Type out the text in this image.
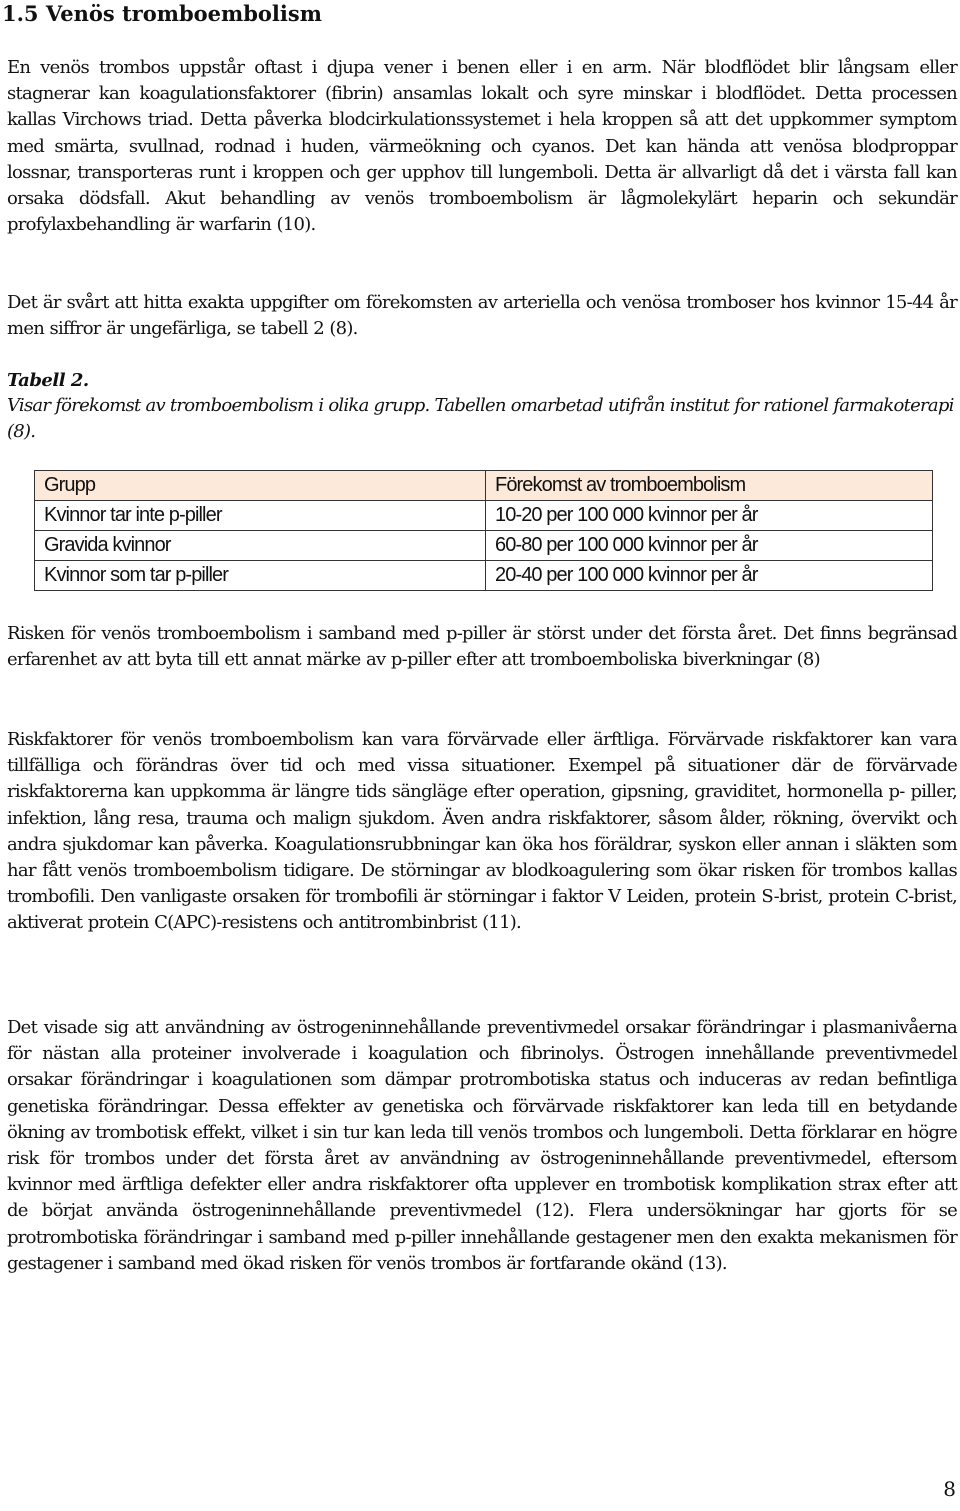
1.5 Venös tromboembolism

En venös trombos uppstår oftast i djupa vener i benen eller i en arm. När blodflödet blir långsam eller stagnerar kan koagulationsfaktorer (fibrin) ansamlas lokalt och syre minskar i blodflödet. Detta processen kallas Virchows triad. Detta påverka blodcirkulationssystemet i hela kroppen så att det uppkommer symptom med smärta, svullnad, rodnad i huden, värmeökning och cyanos. Det kan hända att venösa blodproppar lossnar, transporteras runt i kroppen och ger upphov till lungemboli. Detta är allvarligt då det i värsta fall kan orsaka dödsfall. Akut behandling av venös tromboembolism är lågmolekylärt heparin och sekundär profylaxbehandling är warfarin (10).

Det är svårt att hitta exakta uppgifter om förekomsten av arteriella och venösa tromboser hos kvinnor 15-44 år men siffror är ungefärliga, se tabell 2 (8).

Tabell 2.

Visar förekomst av tromboembolism i olika grupp. Tabellen omarbetad utifrån institut for rationel farmakoterapi (8).

Grupp	Förekomst av tromboembolism
Kvinnor tar inte p-piller	10-20 per 100 000 kvinnor per år
Gravida kvinnor	60-80 per 100 000 kvinnor per år
Kvinnor som tar p-piller	20-40 per 100 000 kvinnor per år

Risken för venös tromboembolism i samband med p-piller är störst under det första året. Det finns begränsad erfarenhet av att byta till ett annat märke av p-piller efter att tromboemboliska biverkningar (8)

Riskfaktorer för venös tromboembolism kan vara förvärvade eller ärftliga. Förvärvade riskfaktorer kan vara tillfälliga och förändras över tid och med vissa situationer. Exempel på situationer där de förvärvade riskfaktorerna kan uppkomma är längre tids sängläge efter operation, gipsning, graviditet, hormonella p- piller, infektion, lång resa, trauma och malign sjukdom. Även andra riskfaktorer, såsom ålder, rökning, övervikt och andra sjukdomar kan påverka. Koagulationsrubbningar kan öka hos föräldrar, syskon eller annan i släkten som har fått venös tromboembolism tidigare. De störningar av blodkoagulering som ökar risken för trombos kallas trombofili. Den vanligaste orsaken för trombofili är störningar i faktor V Leiden, protein S-brist, protein C-brist, aktiverat protein C(APC)-resistens och antitrombinbrist (11).

Det visade sig att användning av östrogeninnehållande preventivmedel orsakar förändringar i plasmanivåerna för nästan alla proteiner involverade i koagulation och fibrinolys. Östrogen innehållande preventivmedel orsakar förändringar i koagulationen som dämpar protrombotiska status och induceras av redan befintliga genetiska förändringar. Dessa effekter av genetiska och förvärvade riskfaktorer kan leda till en betydande ökning av trombotisk effekt, vilket i sin tur kan leda till venös trombos och lungemboli. Detta förklarar en högre risk för trombos under det första året av användning av östrogeninnehållande preventivmedel, eftersom kvinnor med ärftliga defekter eller andra riskfaktorer ofta upplever en trombotisk komplikation strax efter att de börjat använda östrogeninnehållande preventivmedel (12). Flera undersökningar har gjorts för se protrombotiska förändringar i samband med p-piller innehållande gestagener men den exakta mekanismen för gestagener i samband med ökad risken för venös trombos är fortfarande okänd (13).

8
